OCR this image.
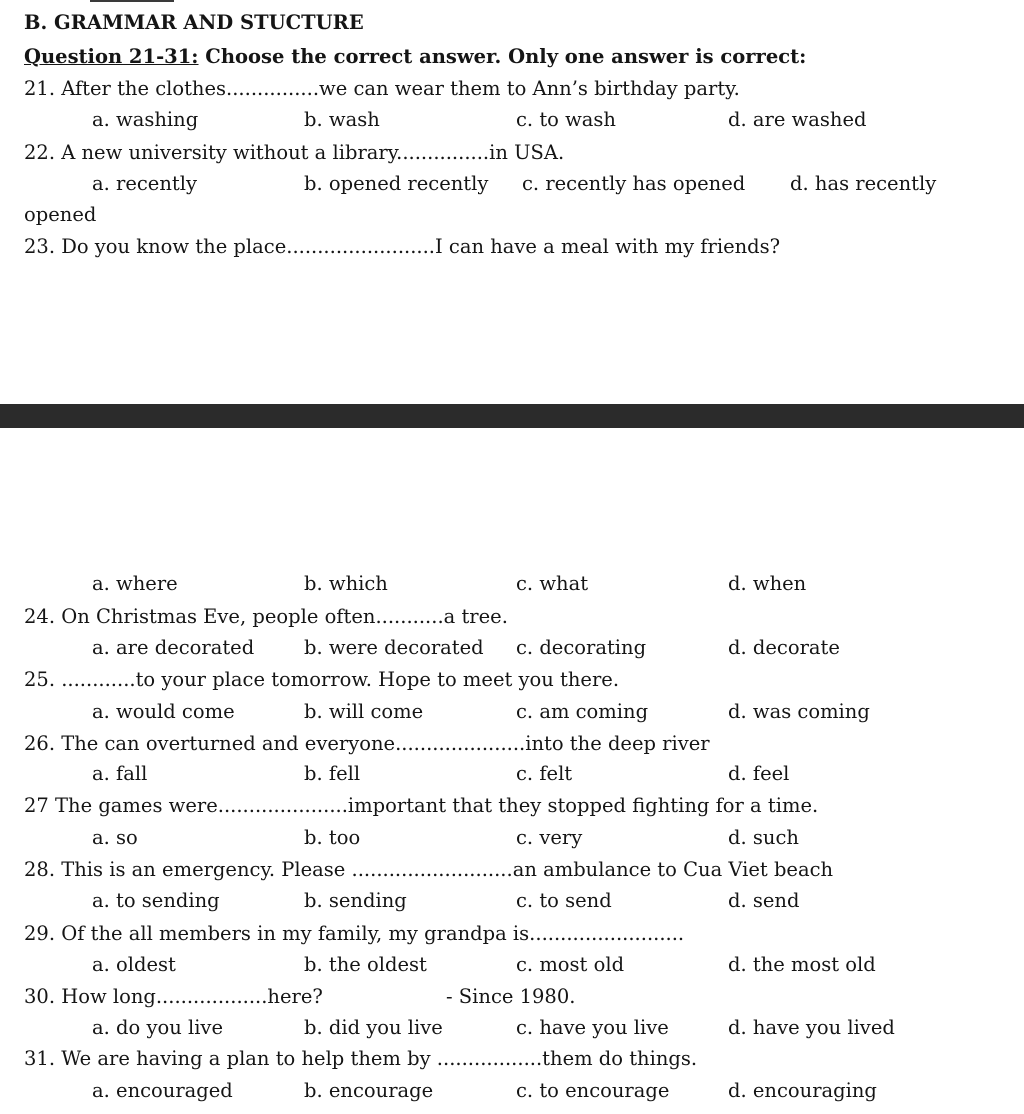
B. GRAMMAR AND STUCTURE
Question 21-31: Choose the correct answer. Only one answer is correct:
21. After the clothes...............we can wear them to Ann’s birthday party.
a. washing	b. wash	c. to wash	d. are washed
22. A new university without a library...............in USA.
a. recently	b. opened recently c. recently has opened d. has recently
opened
23. Do you know the place........................I can have a meal with my friends?
a. where	b. which	c. what	d. when
24. On Christmas Eve, people often...........a tree.
a. are decorated	b. were decorated c. decorating	d. decorate
25. ............to your place tomorrow. Hope to meet you there.
a. would come	b. will come	c. am coming	d. was coming
26. The can overturned and everyone.....................into the deep river
a. fall	b. fell	c. felt	d. feel
27 The games were.....................important that they stopped fighting for a time.
a. so	b. too	c. very	d. such
28. This is an emergency. Please ..........................an ambulance to Cua Viet beach
a. to sending	b. sending	c. to send	d. send
29. Of the all members in my family, my grandpa is.........................
a. oldest	b. the oldest	c. most old	d. the most old
30. How long..................here?	- Since 1980.
a. do you live	b. did you live	c. have you live	d. have you lived
31. We are having a plan to help them by .................them do things.
a. encouraged	b. encourage	c. to encourage	d. encouraging
